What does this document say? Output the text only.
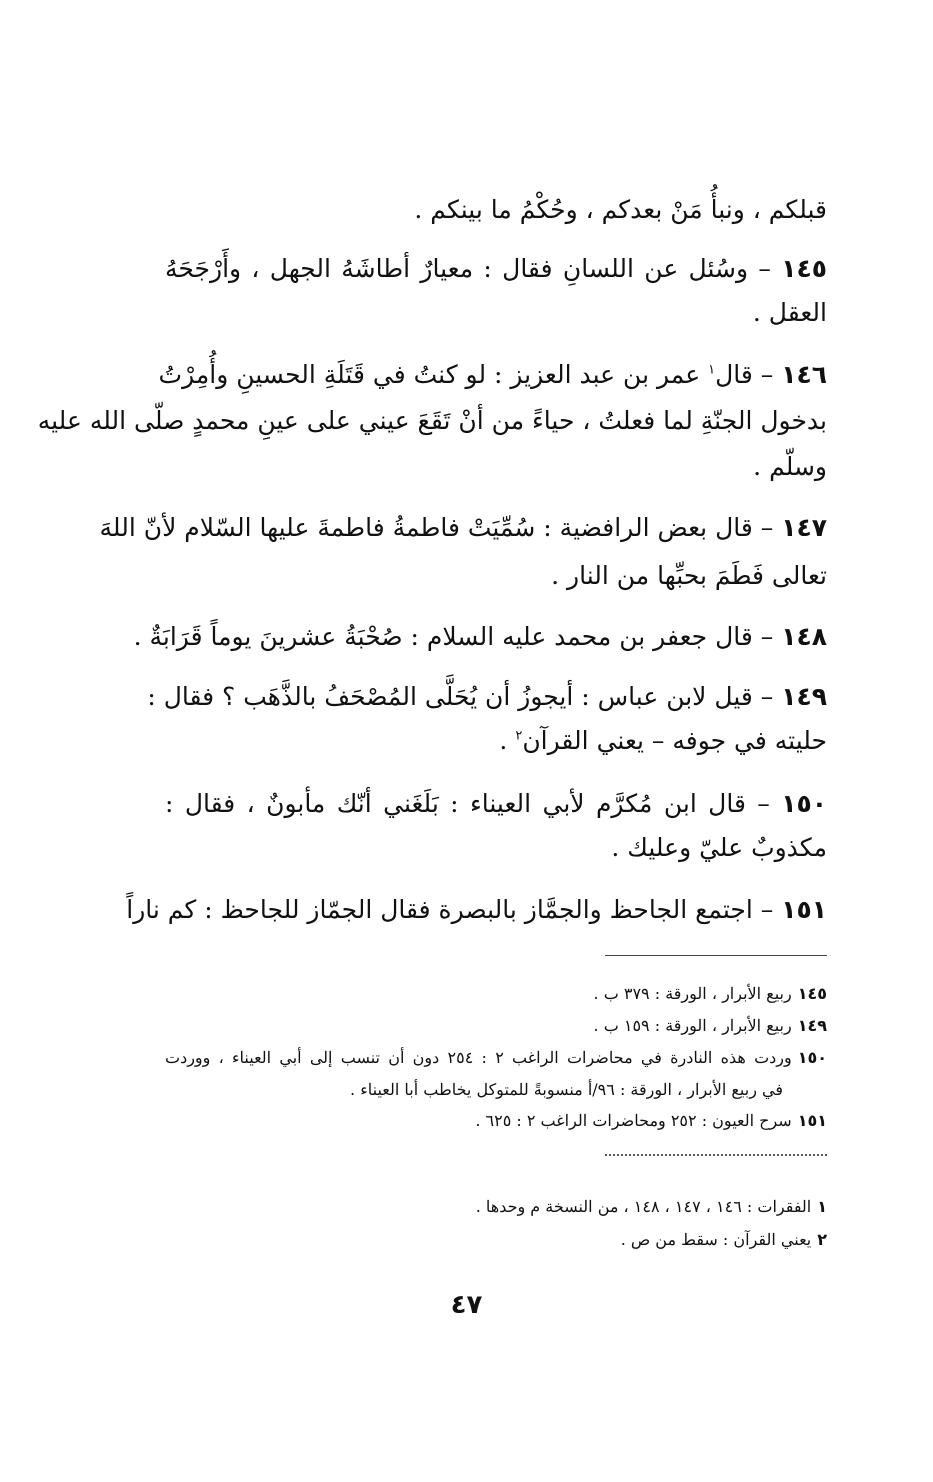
قبلكم ، ونبأُ مَنْ بعدكم ، وحُكْمُ ما بينكم .
١٤٥ – وسُئل عن اللسانِ فقال : معيارٌ أطاشَهُ الجهل ، وأَرْجَحَهُ
العقل .
١٤٦ – قال$^١$ عمر بن عبد العزيز : لو كنتُ في قَتَلَةِ الحسينِ وأُمِرْتُ
بدخول الجنّةِ لما فعلتُ ، حياءً من أنْ تَقَعَ عيني على عينِ محمدٍ صلّى الله عليه
وسلّم .
١٤٧ – قال بعض الرافضية : سُمِّيَتْ فاطمةُ فاطمةَ عليها السّلام لأنّ اللهَ
تعالى فَطَمَ بحبِّها من النار .
١٤٨ – قال جعفر بن محمد عليه السلام : صُحْبَةُ عشرينَ يوماً قَرَابَةٌ .
١٤٩ – قيل لابن عباس : أيجوزُ أن يُحَلَّى المُصْحَفُ بالذَّهَب ؟ فقال :
حليته في جوفه – يعني القرآن$^٢$ .
١٥٠ – قال ابن مُكرَّم لأبي العيناء : بَلَغَني أنّك مأبونٌ ، فقال :
مكذوبٌ عليّ وعليك .
١٥١ – اجتمع الجاحظ والجمَّاز بالبصرة فقال الجمّاز للجاحظ : كم ناراً
١٤٥ربيع الأبرار ، الورقة : ٣٧٩ ب .
١٤٩ربيع الأبرار ، الورقة : ١٥٩ ب .
١٥٠وردت هذه النادرة في محاضرات الراغب ٢ : ٢٥٤ دون أن تنسب إلى أبي العيناء ، ووردت
في ربيع الأبرار ، الورقة : ٩٦/أ منسوبةً للمتوكل يخاطب أبا العيناء .
١٥١سرح العيون : ٢٥٢ ومحاضرات الراغب ٢ : ٦٢٥ .
١الفقرات : ١٤٦ ، ١٤٧ ، ١٤٨ ، من النسخة م وحدها .
٢يعني القرآن : سقط من ص .
٤٧
